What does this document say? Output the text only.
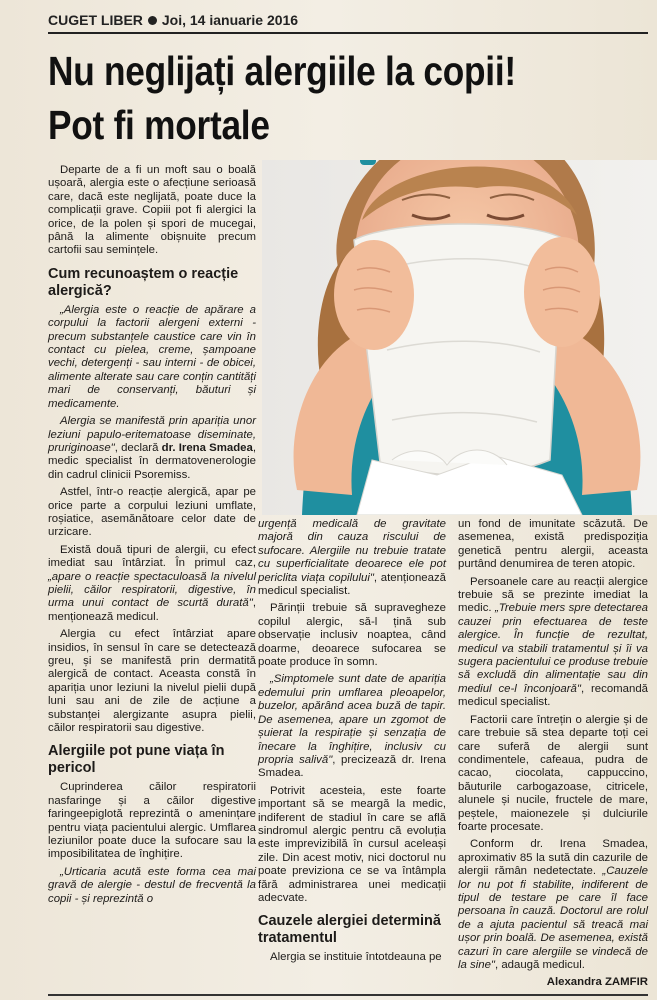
CUGET LIBER Joi, 14 ianuarie 2016
Nu neglijați alergiile la copii!
Pot fi mortale

Departe de a fi un moft sau o boală ușoară, alergia este o afecțiune serioasă care, dacă este neglijată, poate duce la complicații grave. Copiii pot fi alergici la orice, de la polen și spori de mucegai, până la alimente obișnuite precum cartofii sau semințele.

Cum recunoaștem o reacție alergică?

„Alergia este o reacție de apărare a corpului la factorii alergeni externi - precum substanțele caustice care vin în contact cu pielea, creme, șampoane vechi, detergenți - sau interni - de obicei, alimente alterate sau care conțin cantități mari de conservanți, băuturi și medicamente.

Alergia se manifestă prin apariția unor leziuni papulo-eritematoase diseminate, pruriginoase", declară dr. Irena Smadea, medic specialist în dermatovenerologie din cadrul clinicii Psoremiss.

Astfel, într-o reacție alergică, apar pe orice parte a corpului leziuni umflate, roșiatice, asemănătoare celor date de urzicare.

Există două tipuri de alergii, cu efect imediat sau întârziat. În primul caz, „apare o reacție spectaculoasă la nivelul pielii, căilor respiratorii, digestive, în urma unui contact de scurtă durată", menționează medicul.

Alergia cu efect întârziat apare insidios, în sensul în care se detectează greu, și se manifestă prin dermatită alergică de contact. Aceasta constă în apariția unor leziuni la nivelul pielii după luni sau ani de zile de acțiune a substanței alergizante asupra pielii, căilor respiratorii sau digestive.

Alergiile pot pune viața în pericol

Cuprinderea căilor respiratorii nasfaringe și a căilor digestive faringeepiglotă reprezintă o amenințare pentru viața pacientului alergic. Umflarea leziunilor poate duce la sufocare sau la imposibilitatea de înghițire.

„Urticaria acută este forma cea mai gravă de alergie - destul de frecventă la copii - și reprezintă o

urgență medicală de gravitate majoră din cauza riscului de sufocare. Alergiile nu trebuie tratate cu superficialitate deoarece ele pot periclita viața copilului", atenționează medicul specialist.

Părinții trebuie să supravegheze copilul alergic, să-l țină sub observație inclusiv noaptea, când doarme, deoarece sufocarea se poate produce în somn.

„Simptomele sunt date de apariția edemului prin umflarea pleoapelor, buzelor, apărând acea buză de tapir. De asemenea, apare un zgomot de șuierat la respirație și senzația de înecare la înghițire, inclusiv cu propria salivă", precizează dr. Irena Smadea.

Potrivit acesteia, este foarte important să se meargă la medic, indiferent de stadiul în care se află sindromul alergic pentru că evoluția este imprevizibilă în cursul aceleași zile. Din acest motiv, nici doctorul nu poate previziona ce se va întâmpla fără administrarea unei medicații adecvate.

Cauzele alergiei determină tratamentul

Alergia se instituie întotdeauna pe

un fond de imunitate scăzută. De asemenea, există predispoziția genetică pentru alergii, aceasta purtând denumirea de teren atopic.

Persoanele care au reacții alergice trebuie să se prezinte imediat la medic. „Trebuie mers spre detectarea cauzei prin efectuarea de teste alergice. În funcție de rezultat, medicul va stabili tratamentul și îi va sugera pacientului ce produse trebuie să excludă din alimentație sau din mediul ce-l înconjoară", recomandă medicul specialist.

Factorii care întrețin o alergie și de care trebuie să stea departe toți cei care suferă de alergii sunt condimentele, cafeaua, pudra de cacao, ciocolata, cappuccino, băuturile carbogazoase, citricele, alunele și nucile, fructele de mare, peștele, maionezele și dulciurile foarte procesate.

Conform dr. Irena Smadea, aproximativ 85 la sută din cazurile de alergii rămân nedetectate. „Cauzele lor nu pot fi stabilite, indiferent de tipul de testare pe care îl face persoana în cauză. Doctorul are rolul de a ajuta pacientul să treacă mai ușor prin boală. De asemenea, există cazuri în care alergiile se vindecă de la sine", adaugă medicul.

Alexandra ZAMFIR
